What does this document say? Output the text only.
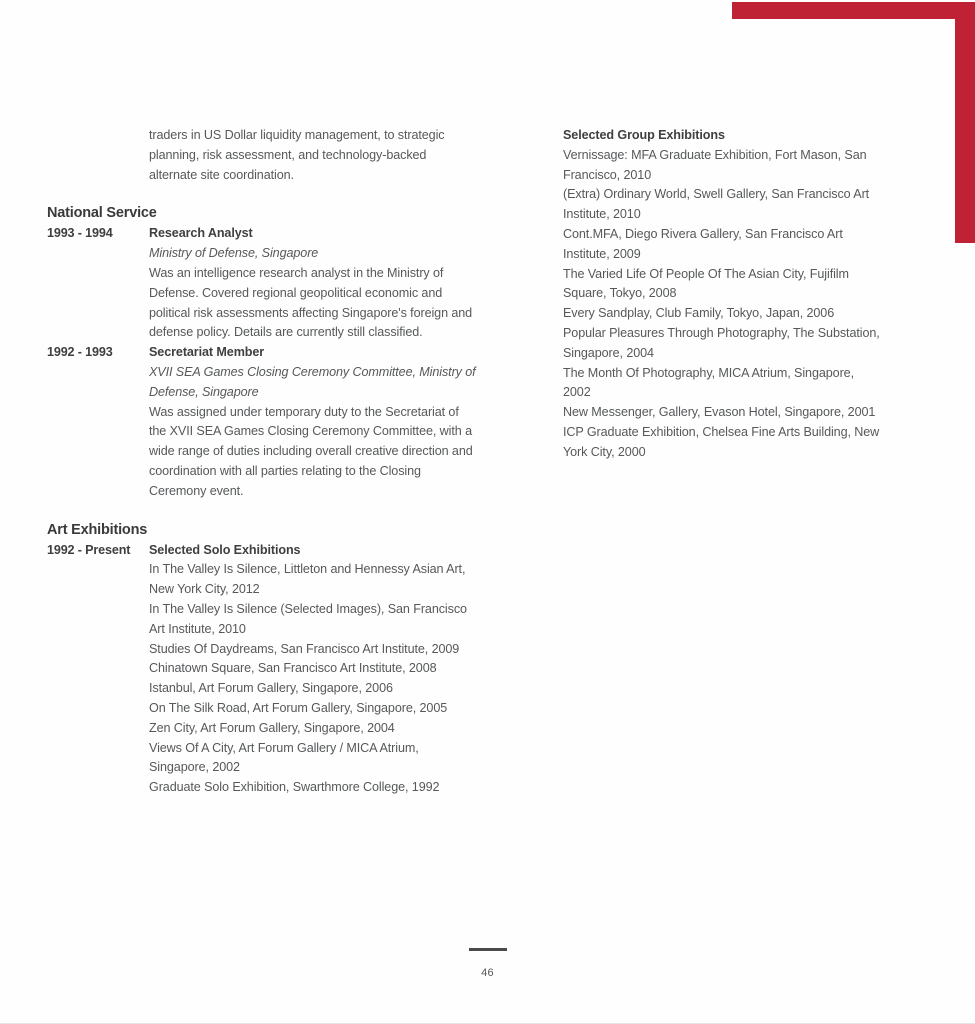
traders in US Dollar liquidity management, to strategic planning, risk assessment, and technology-backed alternate site coordination.
National Service
1993 - 1994	Research Analyst
Ministry of Defense, Singapore
Was an intelligence research analyst in the Ministry of Defense. Covered regional geopolitical economic and political risk assessments affecting Singapore's foreign and defense policy. Details are currently still classified.
1992 - 1993	Secretariat Member
XVII SEA Games Closing Ceremony Committee, Ministry of Defense, Singapore
Was assigned under temporary duty to the Secretariat of the XVII SEA Games Closing Ceremony Committee, with a wide range of duties including overall creative direction and coordination with all parties relating to the Closing Ceremony event.
Art Exhibitions
1992 - Present	Selected Solo Exhibitions
In The Valley Is Silence, Littleton and Hennessy Asian Art, New York City, 2012
In The Valley Is Silence (Selected Images), San Francisco Art Institute, 2010
Studies Of Daydreams, San Francisco Art Institute, 2009
Chinatown Square, San Francisco Art Institute, 2008
Istanbul, Art Forum Gallery, Singapore, 2006
On The Silk Road, Art Forum Gallery, Singapore, 2005
Zen City, Art Forum Gallery, Singapore, 2004
Views Of A City, Art Forum Gallery / MICA Atrium, Singapore, 2002
Graduate Solo Exhibition, Swarthmore College, 1992
Selected Group Exhibitions
Vernissage: MFA Graduate Exhibition, Fort Mason, San Francisco, 2010
(Extra) Ordinary World, Swell Gallery, San Francisco Art Institute, 2010
Cont.MFA, Diego Rivera Gallery, San Francisco Art Institute, 2009
The Varied Life Of People Of The Asian City, Fujifilm Square, Tokyo, 2008
Every Sandplay, Club Family, Tokyo, Japan, 2006
Popular Pleasures Through Photography, The Substation, Singapore, 2004
The Month Of Photography, MICA Atrium, Singapore, 2002
New Messenger, Gallery, Evason Hotel, Singapore, 2001
ICP Graduate Exhibition, Chelsea Fine Arts Building, New York City, 2000
46
